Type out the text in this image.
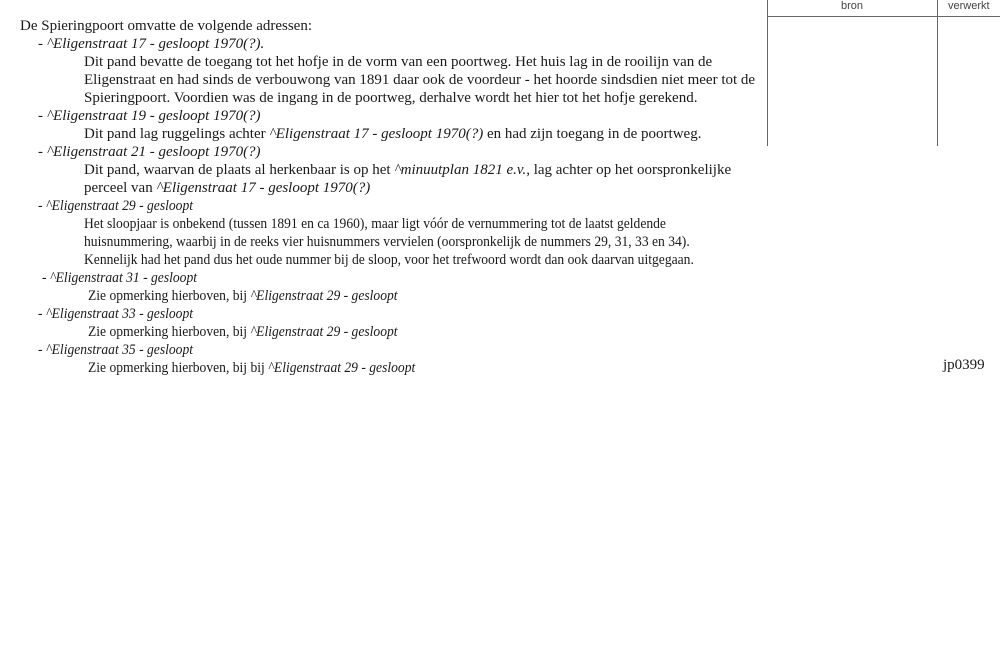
bron	verwerkt
De Spieringpoort omvatte de volgende adressen:
- ^Eligenstraat 17 - gesloopt 1970(?).
Dit pand bevatte de toegang tot het hofje in de vorm van een poortweg. Het huis lag in de rooilijn van de
Eligenstraat en had sinds de verbouwong van 1891 daar ook de voordeur - het hoorde sindsdien niet meer tot de
Spieringpoort. Voordien was de ingang in de poortweg, derhalve wordt het hier tot het hofje gerekend.
- ^Eligenstraat 19 - gesloopt 1970(?)
Dit pand lag ruggelings achter ^Eligenstraat 17 - gesloopt 1970(?) en had zijn toegang in de poortweg.
- ^Eligenstraat 21 - gesloopt 1970(?)
Dit pand, waarvan de plaats al herkenbaar is op het ^minuutplan 1821 e.v., lag achter op het oorspronkelijke
perceel van ^Eligenstraat 17 - gesloopt 1970(?)
- ^Eligenstraat 29 - gesloopt
Het sloopjaar is onbekend (tussen 1891 en ca 1960), maar ligt vóór de vernummering tot de laatst geldende
huisnummering, waarbij in de reeks vier huisnummers vervielen (oorspronkelijk de nummers 29, 31, 33 en 34).
Kennelijk had het pand dus het oude nummer bij de sloop, voor het trefwoord wordt dan ook daarvan uitgegaan.
- ^Eligenstraat 31 - gesloopt
Zie opmerking hierboven, bij ^Eligenstraat 29 - gesloopt
- ^Eligenstraat 33 - gesloopt
Zie opmerking hierboven, bij ^Eligenstraat 29 - gesloopt
- ^Eligenstraat 35 - gesloopt
Zie opmerking hierboven, bij bij ^Eligenstraat 29 - gesloopt	jp0399
